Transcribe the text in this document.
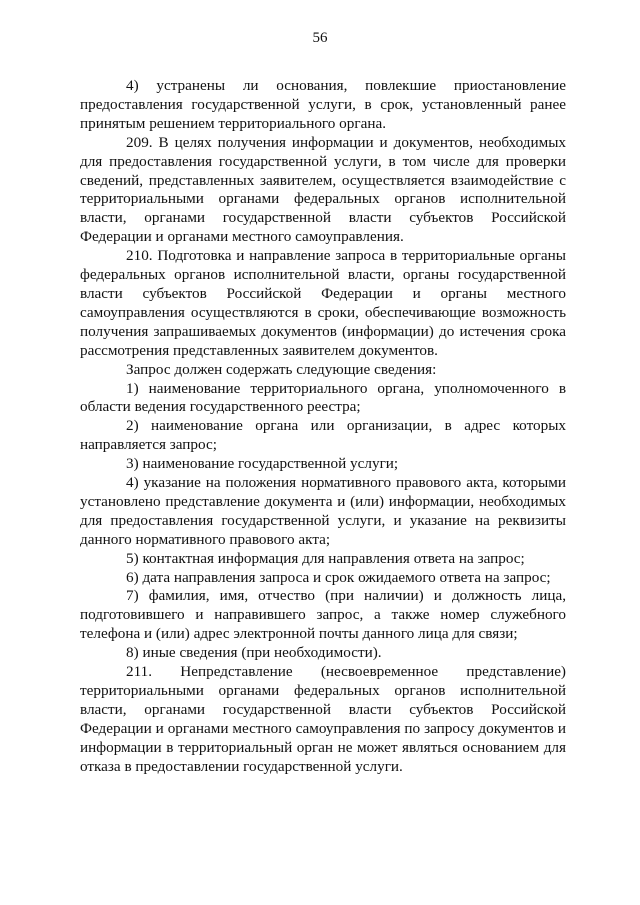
56

4) устранены ли основания, повлекшие приостановление предоставления государственной услуги, в срок, установленный ранее принятым решением территориального органа.

209. В целях получения информации и документов, необходимых для предоставления государственной услуги, в том числе для проверки сведений, представленных заявителем, осуществляется взаимодействие с территориальными органами федеральных органов исполнительной власти, органами государственной власти субъектов Российской Федерации и органами местного самоуправления.

210. Подготовка и направление запроса в территориальные органы федеральных органов исполнительной власти, органы государственной власти субъектов Российской Федерации и органы местного самоуправления осуществляются в сроки, обеспечивающие возможность получения запрашиваемых документов (информации) до истечения срока рассмотрения представленных заявителем документов.

Запрос должен содержать следующие сведения:

1) наименование территориального органа, уполномоченного в области ведения государственного реестра;

2) наименование органа или организации, в адрес которых направляется запрос;

3) наименование государственной услуги;

4) указание на положения нормативного правового акта, которыми установлено представление документа и (или) информации, необходимых для предоставления государственной услуги, и указание на реквизиты данного нормативного правового акта;

5) контактная информация для направления ответа на запрос;

6) дата направления запроса и срок ожидаемого ответа на запрос;

7) фамилия, имя, отчество (при наличии) и должность лица, подготовившего и направившего запрос, а также номер служебного телефона и (или) адрес электронной почты данного лица для связи;

8) иные сведения (при необходимости).

211. Непредставление (несвоевременное представление) территориальными органами федеральных органов исполнительной власти, органами государственной власти субъектов Российской Федерации и органами местного самоуправления по запросу документов и информации в территориальный орган не может являться основанием для отказа в предоставлении государственной услуги.
